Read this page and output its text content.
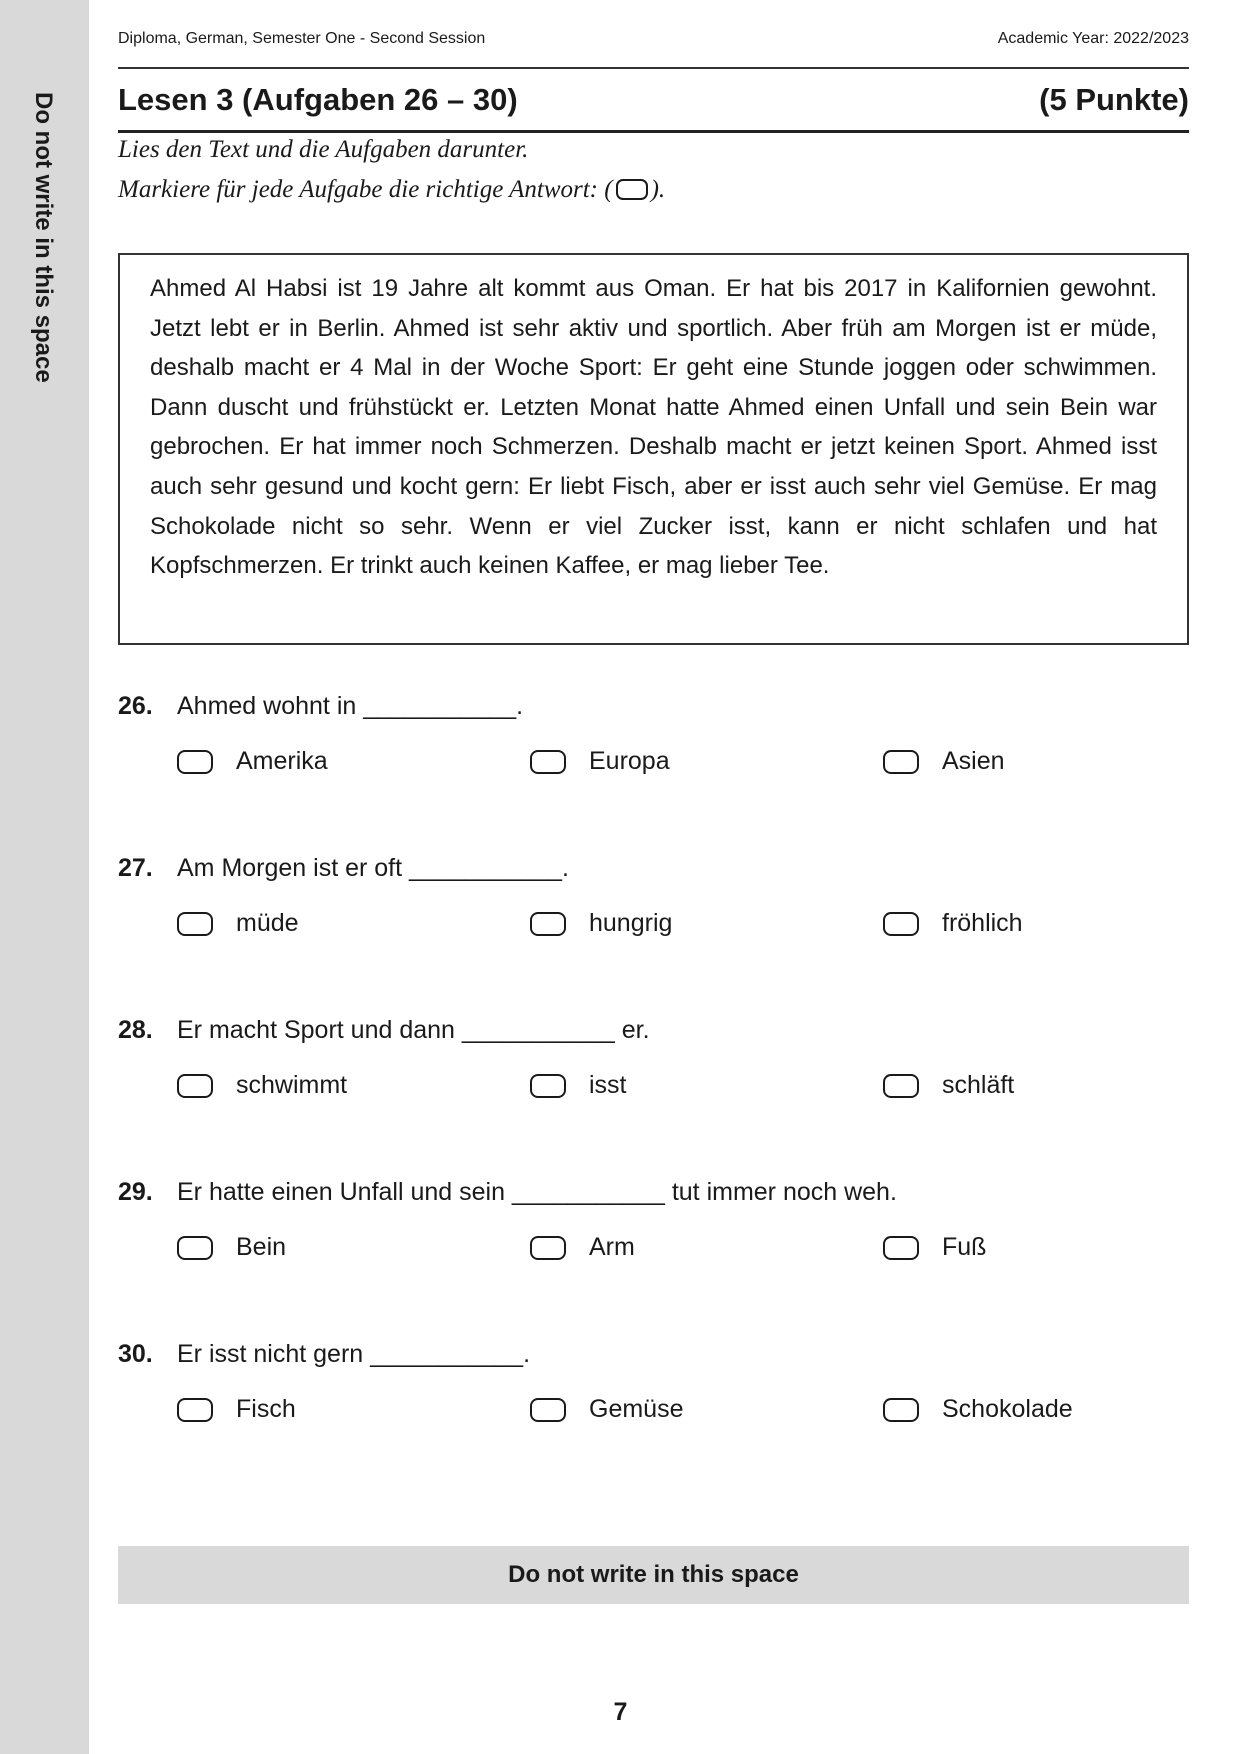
Do not write in this space
Diploma, German, Semester One - Second Session	Academic Year: 2022/2023
Lesen 3 (Aufgaben 26 – 30)	(5 Punkte)
Lies den Text und die Aufgaben darunter.
Markiere für jede Aufgabe die richtige Antwort: ( ).

Ahmed Al Habsi ist 19 Jahre alt kommt aus Oman. Er hat bis 2017 in Kalifornien gewohnt. Jetzt lebt er in Berlin. Ahmed ist sehr aktiv und sportlich. Aber früh am Morgen ist er müde, deshalb macht er 4 Mal in der Woche Sport: Er geht eine Stunde joggen oder schwimmen. Dann duscht und frühstückt er. Letzten Monat hatte Ahmed einen Unfall und sein Bein war gebrochen. Er hat immer noch Schmerzen. Deshalb macht er jetzt keinen Sport. Ahmed isst auch sehr gesund und kocht gern: Er liebt Fisch, aber er isst auch sehr viel Gemüse. Er mag Schokolade nicht so sehr. Wenn er viel Zucker isst, kann er nicht schlafen und hat Kopfschmerzen. Er trinkt auch keinen Kaffee, er mag lieber Tee.

26. Ahmed wohnt in ___________.
Amerika	Europa	Asien
27. Am Morgen ist er oft ___________.
müde	hungrig	fröhlich
28. Er macht Sport und dann ___________ er.
schwimmt	isst	schläft
29. Er hatte einen Unfall und sein ___________ tut immer noch weh.
Bein	Arm	Fuß
30. Er isst nicht gern ___________.
Fisch	Gemüse	Schokolade
Do not write in this space
7
